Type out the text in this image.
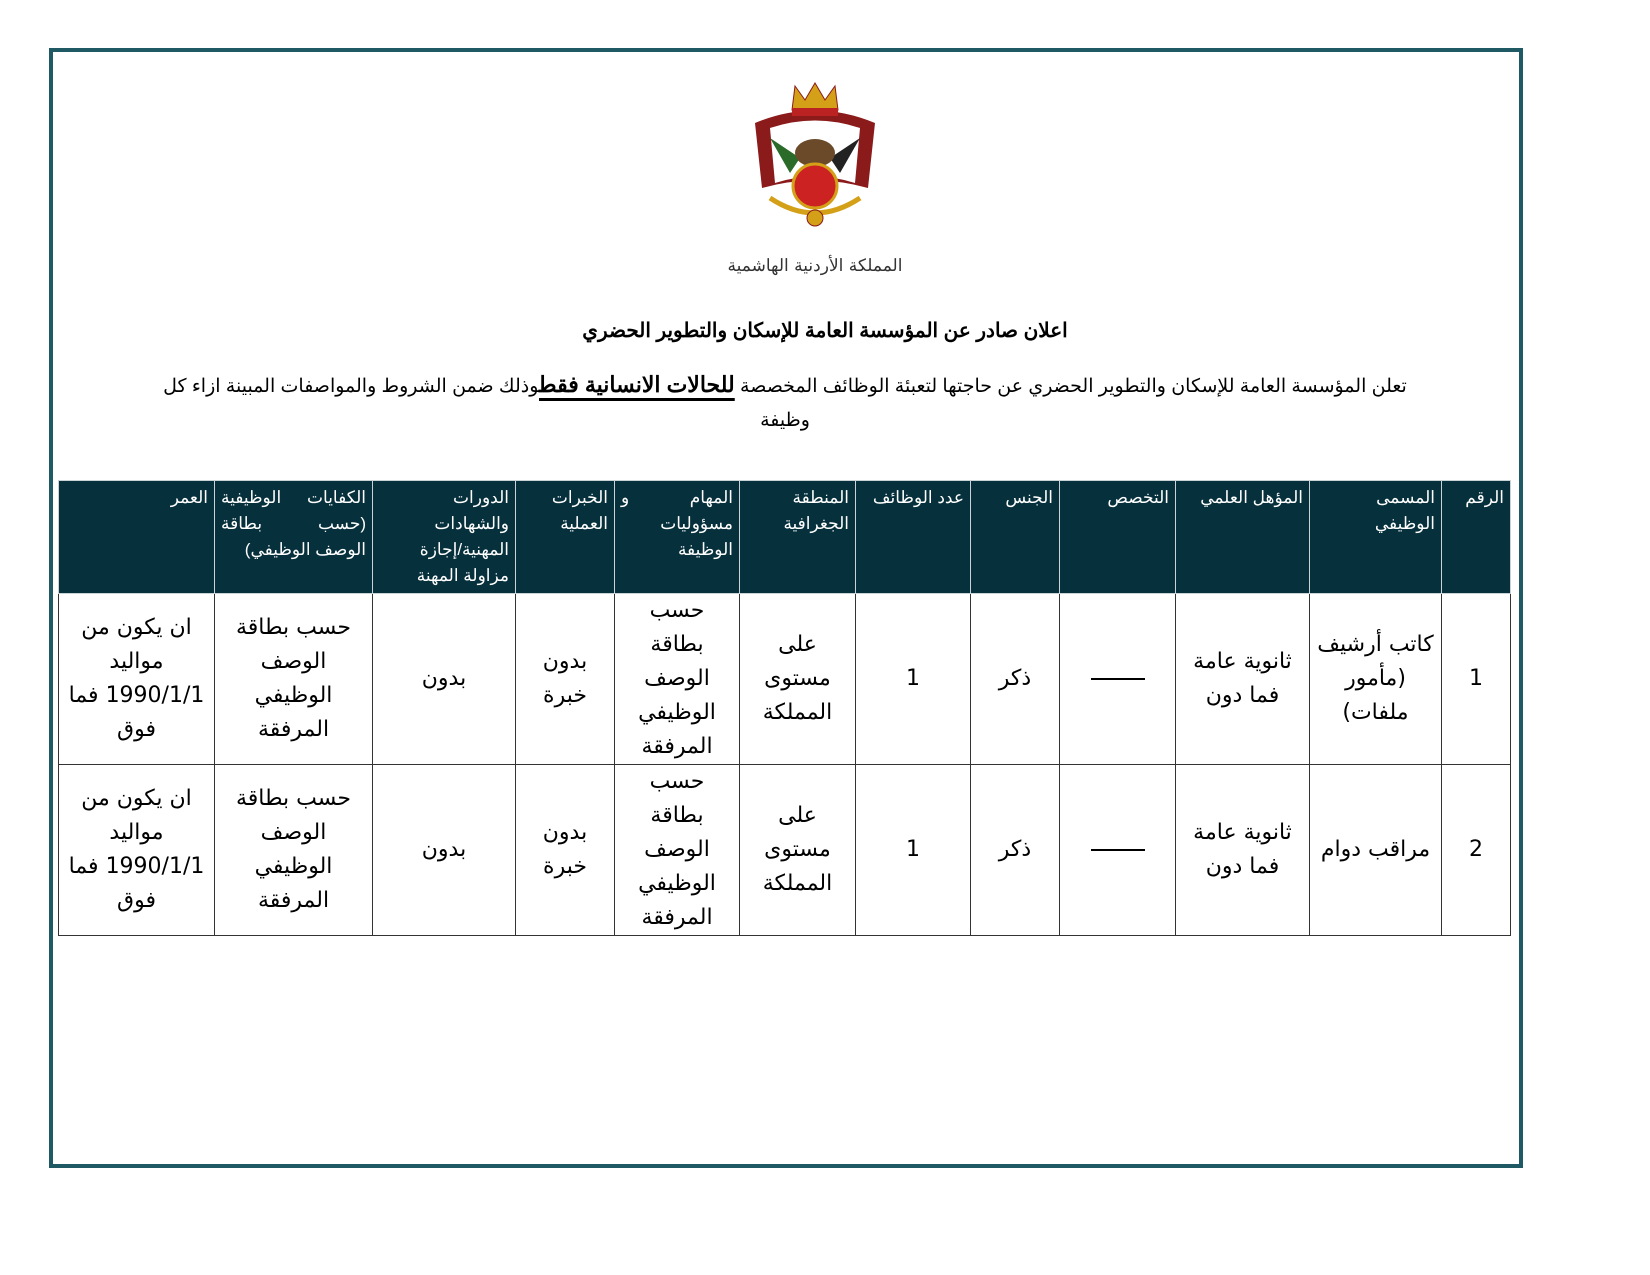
المملكة الأردنية الهاشمية
اعلان صادر عن المؤسسة العامة للإسكان والتطوير الحضري
تعلن المؤسسة العامة للإسكان والتطوير الحضري عن حاجتها لتعبئة الوظائف المخصصة للحالات الانسانية فقطوذلك ضمن الشروط والمواصفات المبينة ازاء كل وظيفة
الرقم	المسمى الوظيفي	المؤهل العلمي	التخصص	الجنس	عدد الوظائف	المنطقة الجغرافية	المهام و مسؤوليات الوظيفة	الخبرات العملية	الدورات والشهادات المهنية/إجازة مزاولة المهنة	الكفايات الوظيفية (حسب بطاقة الوصف الوظيفي)	العمر
1	كاتب أرشيف (مأمور ملفات)	ثانوية عامة فما دون		ذكر	1	على مستوى المملكة	حسب بطاقة الوصف الوظيفي المرفقة	بدون خبرة	بدون	حسب بطاقة الوصف الوظيفي المرفقة	ان يكون من مواليد 1990/1/1 فما فوق
2	مراقب دوام	ثانوية عامة فما دون		ذكر	1	على مستوى المملكة	حسب بطاقة الوصف الوظيفي المرفقة	بدون خبرة	بدون	حسب بطاقة الوصف الوظيفي المرفقة	ان يكون من مواليد 1990/1/1 فما فوق
